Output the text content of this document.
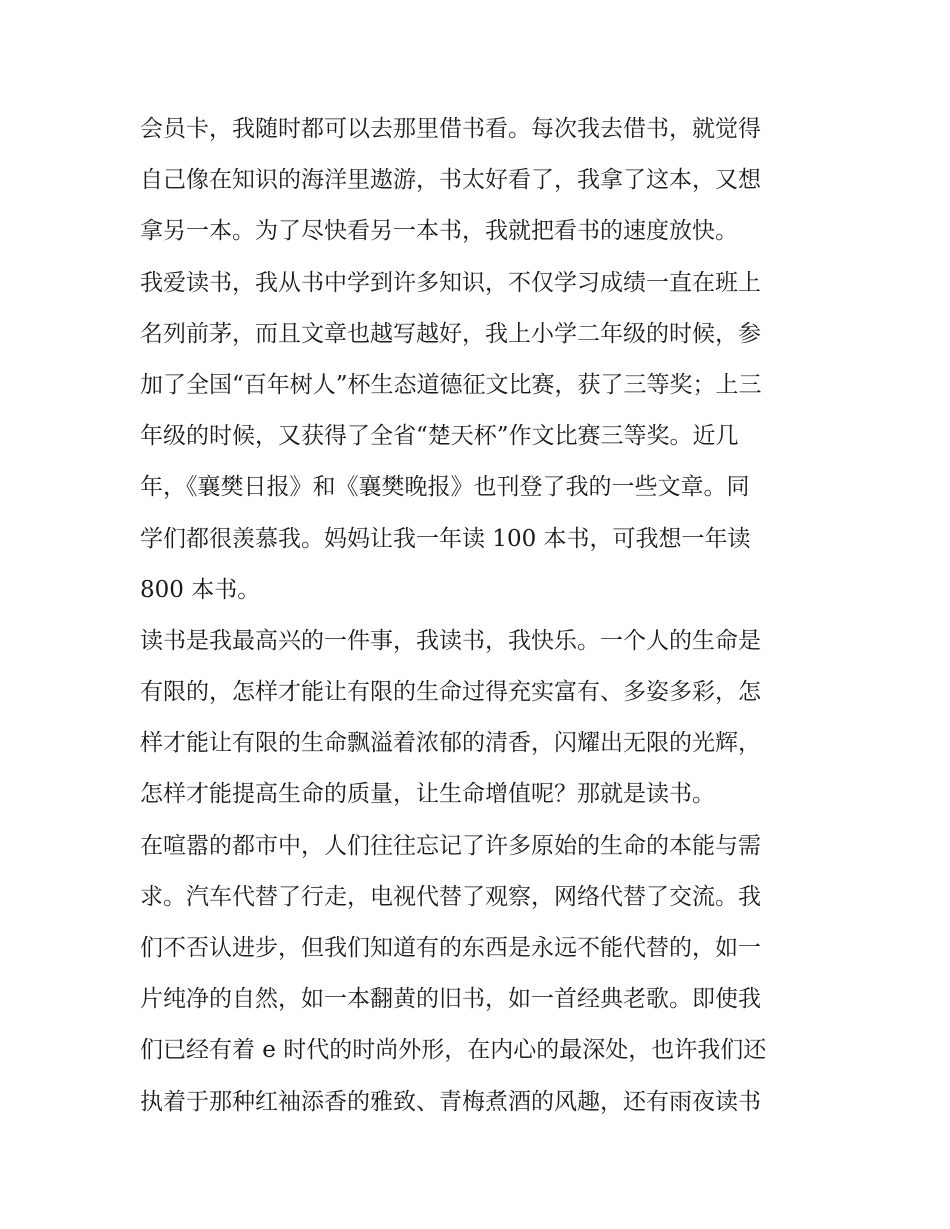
会员卡，我随时都可以去那里借书看。每次我去借书，就觉得
自己像在知识的海洋里遨游，书太好看了，我拿了这本，又想
拿另一本。为了尽快看另一本书，我就把看书的速度放快。
我爱读书，我从书中学到许多知识，不仅学习成绩一直在班上
名列前茅，而且文章也越写越好，我上小学二年级的时候，参
加了全国“百年树人”杯生态道德征文比赛，获了三等奖；上三
年级的时候，又获得了全省“楚天杯”作文比赛三等奖。近几
年，《襄樊日报》和《襄樊晚报》也刊登了我的一些文章。同
学们都很羡慕我。妈妈让我一年读 100 本书，可我想一年读
800 本书。
读书是我最高兴的一件事，我读书，我快乐。一个人的生命是
有限的，怎样才能让有限的生命过得充实富有、多姿多彩，怎
样才能让有限的生命飘溢着浓郁的清香，闪耀出无限的光辉，
怎样才能提高生命的质量，让生命增值呢？那就是读书。
在喧嚣的都市中，人们往往忘记了许多原始的生命的本能与需
求。汽车代替了行走，电视代替了观察，网络代替了交流。我
们不否认进步，但我们知道有的东西是永远不能代替的，如一
片纯净的自然，如一本翻黄的旧书，如一首经典老歌。即使我
们已经有着 e 时代的时尚外形，在内心的最深处，也许我们还
执着于那种红袖添香的雅致、青梅煮酒的风趣，还有雨夜读书
